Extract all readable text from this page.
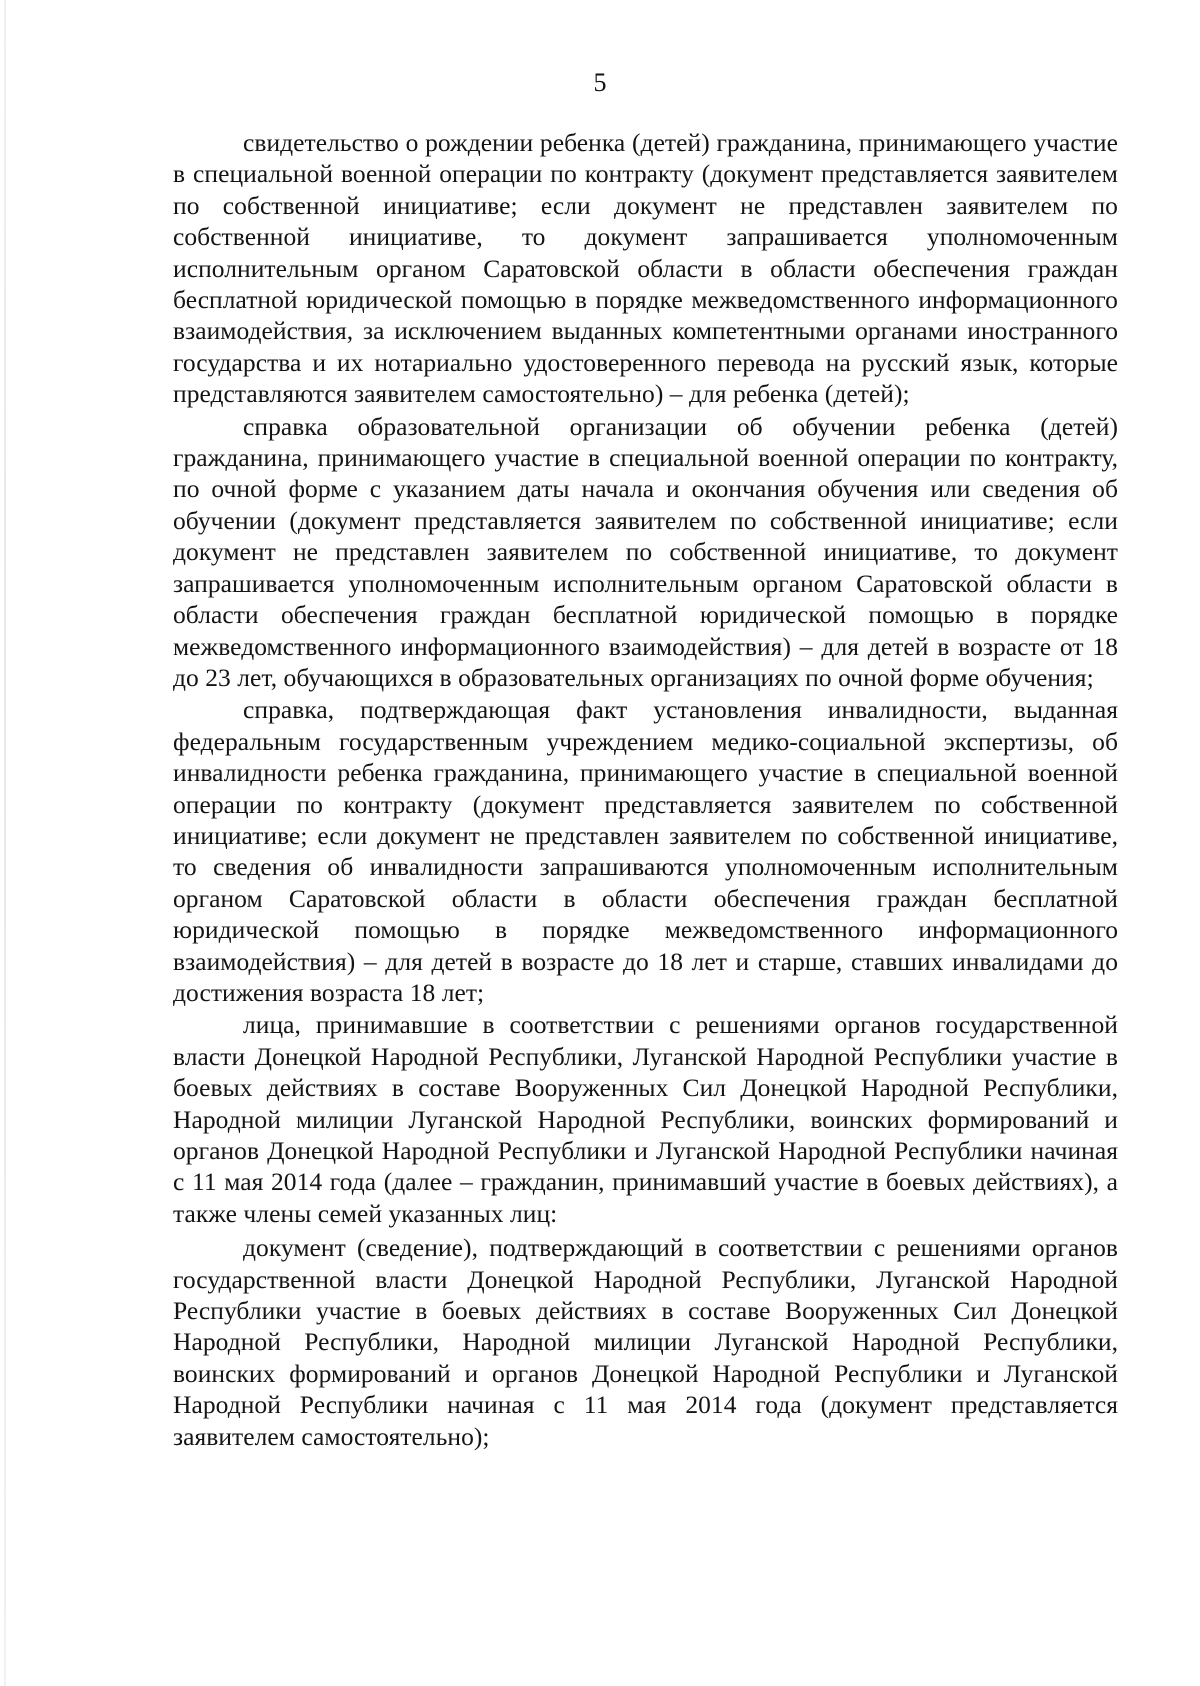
5

свидетельство о рождении ребенка (детей) гражданина, принимающего участие в специальной военной операции по контракту (документ представляется заявителем по собственной инициативе; если документ не представлен заявителем по собственной инициативе, то документ запрашивается уполномоченным исполнительным органом Саратовской области в области обеспечения граждан бесплатной юридической помощью в порядке межведомственного информационного взаимодействия, за исключением выданных компетентными органами иностранного государства и их нотариально удостоверенного перевода на русский язык, которые представляются заявителем самостоятельно) – для ребенка (детей);

справка образовательной организации об обучении ребенка (детей) гражданина, принимающего участие в специальной военной операции по контракту, по очной форме с указанием даты начала и окончания обучения или сведения об обучении (документ представляется заявителем по собственной инициативе; если документ не представлен заявителем по собственной инициативе, то документ запрашивается уполномоченным исполнительным органом Саратовской области в области обеспечения граждан бесплатной юридической помощью в порядке межведомственного информационного взаимодействия) – для детей в возрасте от 18 до 23 лет, обучающихся в образовательных организациях по очной форме обучения;

справка, подтверждающая факт установления инвалидности, выданная федеральным государственным учреждением медико-социальной экспертизы, об инвалидности ребенка гражданина, принимающего участие в специальной военной операции по контракту (документ представляется заявителем по собственной инициативе; если документ не представлен заявителем по собственной инициативе, то сведения об инвалидности запрашиваются уполномоченным исполнительным органом Саратовской области в области обеспечения граждан бесплатной юридической помощью в порядке межведомственного информационного взаимодействия) – для детей в возрасте до 18 лет и старше, ставших инвалидами до достижения возраста 18 лет;

лица, принимавшие в соответствии с решениями органов государственной власти Донецкой Народной Республики, Луганской Народной Республики участие в боевых действиях в составе Вооруженных Сил Донецкой Народной Республики, Народной милиции Луганской Народной Республики, воинских формирований и органов Донецкой Народной Республики и Луганской Народной Республики начиная с 11 мая 2014 года (далее – гражданин, принимавший участие в боевых действиях), а также члены семей указанных лиц:

документ (сведение), подтверждающий в соответствии с решениями органов государственной власти Донецкой Народной Республики, Луганской Народной Республики участие в боевых действиях в составе Вооруженных Сил Донецкой Народной Республики, Народной милиции Луганской Народной Республики, воинских формирований и органов Донецкой Народной Республики и Луганской Народной Республики начиная с 11 мая 2014 года (документ представляется заявителем самостоятельно);
